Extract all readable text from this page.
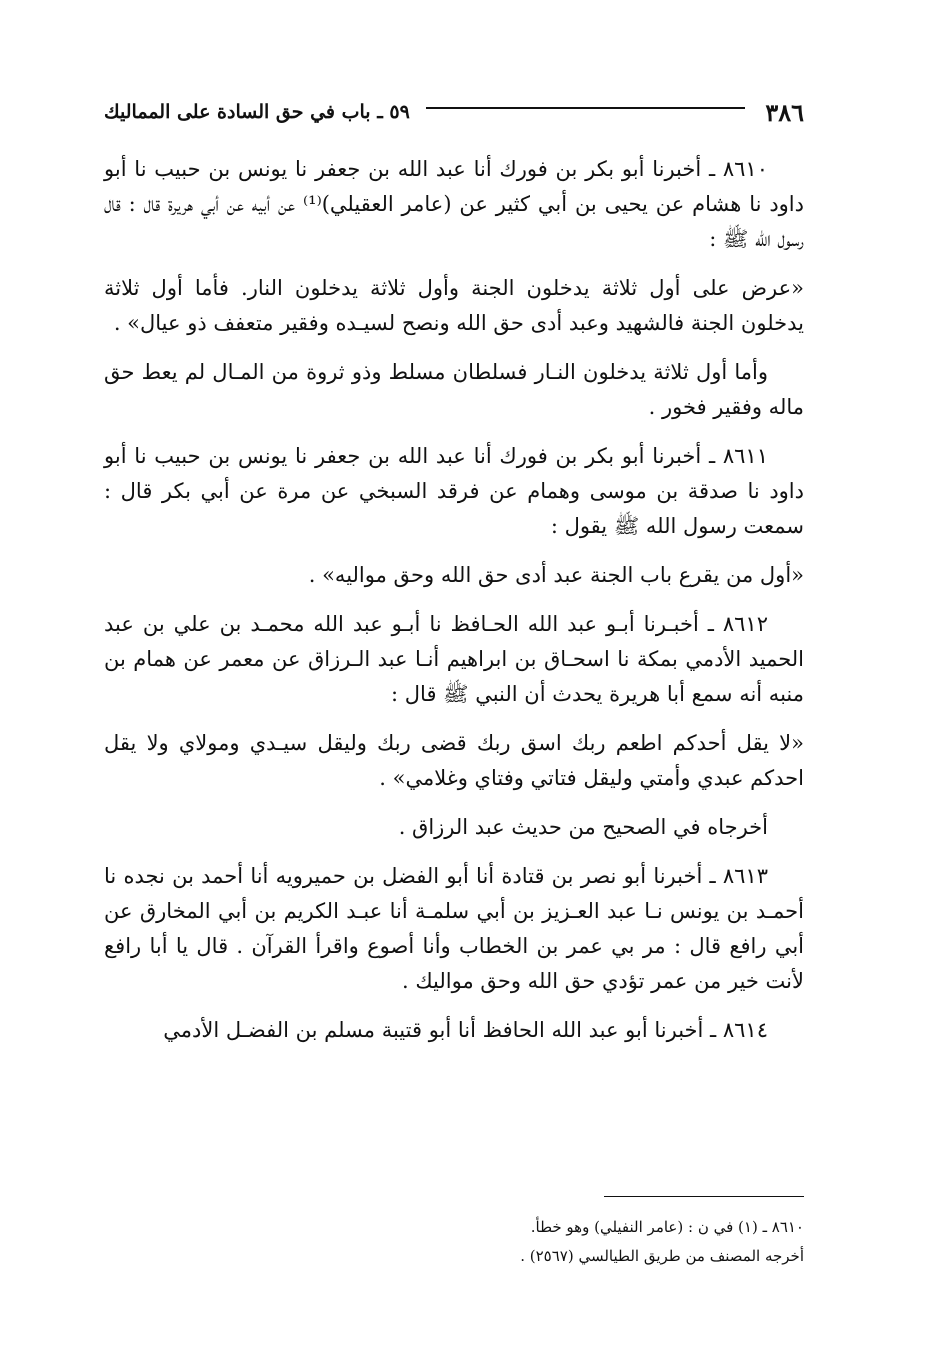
٣٨٦
٥٩ ـ باب في حق السادة على المماليك

٨٦١٠ ـ أخبرنا أبو بكر بن فورك أنا عبد الله بن جعفر نا يونس بن حبيب نا أبو داود نا هشام عن يحيى بن أبي كثير عن (عامر العقيلي)⁽¹⁾ عن أبيه عن أبي هريرة قال : قال رسول الله ﷺ :

«عرض على أول ثلاثة يدخلون الجنة وأول ثلاثة يدخلون النار. فأما أول ثلاثة يدخلون الجنة فالشهيد وعبد أدى حق الله ونصح لسيـده وفقير متعفف ذو عيال» .

وأما أول ثلاثة يدخلون النـار فسلطان مسلط وذو ثروة من المـال لم يعط حق ماله وفقير فخور .

٨٦١١ ـ أخبرنا أبو بكر بن فورك أنا عبد الله بن جعفر نا يونس بن حبيب نا أبو داود نا صدقة بن موسى وهمام عن فرقد السبخي عن مرة عن أبي بكر قال : سمعت رسول الله ﷺ يقول :

«أول من يقرع باب الجنة عبد أدى حق الله وحق مواليه» .

٨٦١٢ ـ أخبـرنا أبـو عبد الله الحـافظ نا أبـو عبد الله محمـد بن علي بن عبد الحميد الأدمي بمكة نا اسحـاق بن ابراهيم أنـا عبد الـرزاق عن معمر عن همام بن منبه أنه سمع أبا هريرة يحدث أن النبي ﷺ قال :

«لا يقل أحدكم اطعم ربك اسق ربك قضى ربك وليقل سيـدي ومولاي ولا يقل احدكم عبدي وأمتي وليقل فتاتي وفتاي وغلامي» .

أخرجاه في الصحيح من حديث عبد الرزاق .

٨٦١٣ ـ أخبرنا أبو نصر بن قتادة أنا أبو الفضل بن حميرويه أنا أحمد بن نجده نا أحمـد بن يونس نـا عبد العـزيز بن أبي سلمـة أنا عبـد الكريم بن أبي المخارق عن أبي رافع قال : مر بي عمر بن الخطاب وأنا أصوع واقرأ القرآن . قال يا أبا رافع لأنت خير من عمر تؤدي حق الله وحق مواليك .

٨٦١٤ ـ أخبرنا أبو عبد الله الحافظ أنا أبو قتيبة مسلم بن الفضـل الأدمي

٨٦١٠ ـ (١) في ن : (عامر النفيلي) وهو خطأ.
أخرجه المصنف من طريق الطيالسي (٢٥٦٧) .
